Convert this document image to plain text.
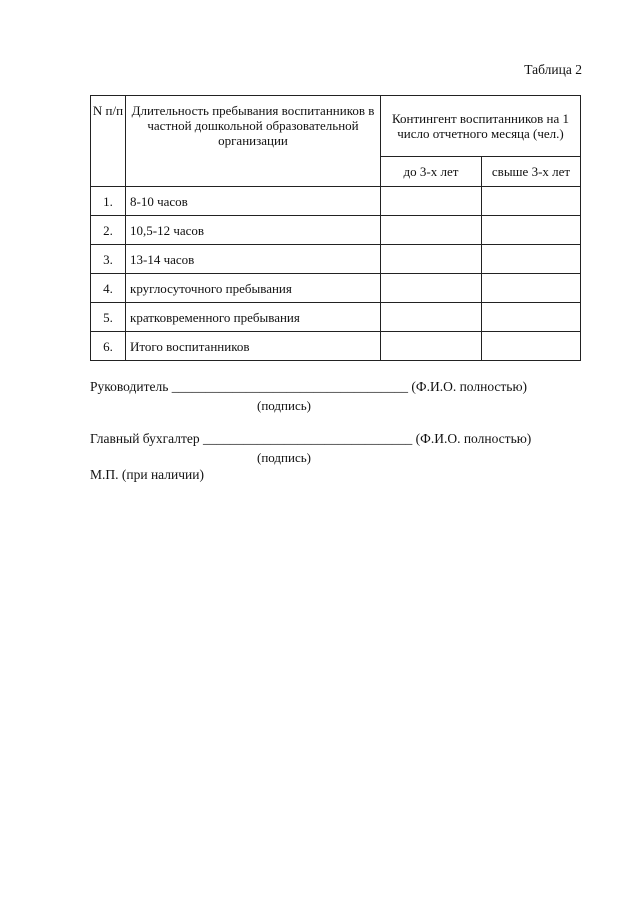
Таблица 2
N п/п	Длительность пребывания воспитанников в частной дошкольной образовательной организации	Контингент воспитанников на 1 число отчетного месяца (чел.)	
		до 3-х лет	свыше 3-х лет
1.	8-10 часов		
2.	10,5-12 часов		
3.	13-14 часов		
4.	круглосуточного пребывания		
5.	кратковременного пребывания		
6.	Итого воспитанников		
Руководитель ___________________________________ (Ф.И.О. полностью)
(подпись)
Главный бухгалтер _______________________________ (Ф.И.О. полностью)
(подпись)
М.П. (при наличии)
